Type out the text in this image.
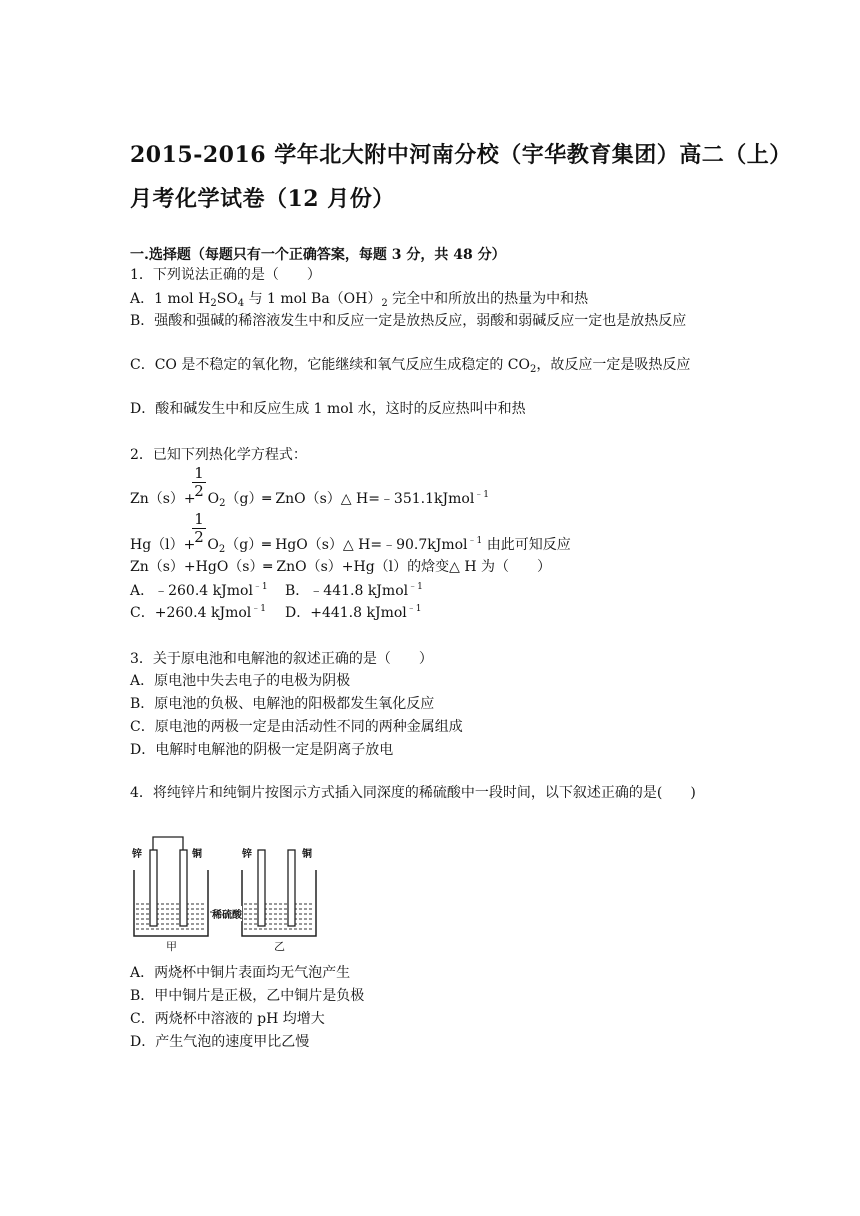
2015-2016 学年北大附中河南分校（宇华教育集团）高二（上）
月考化学试卷（12 月份）
一.选择题（每题只有一个正确答案，每题 3 分，共 48 分）
1．下列说法正确的是（　　）
A．1 mol $H_2SO_4$ 与 1 mol $Ba(OH)_2$ 完全中和所放出的热量为中和热
B．强酸和强碱的稀溶液发生中和反应一定是放热反应，弱酸和弱碱反应一定也是放热反应
C．CO 是不稳定的氧化物，它能继续和氧气反应生成稳定的 $CO_2$，故反应一定是吸热反应
D．酸和碱发生中和反应生成 1 mol 水，这时的反应热叫中和热
2．已知下列热化学方程式：
1
2
$Zn(s)+ O_2(g)═$ ZnO（s）△ H=﹣351.1kJmol$^{﹣1}$
1
2
$Hg(l)+ O_2(g)═$ HgO（s）△ H=﹣90.7kJmol$^{﹣1}$ 由此可知反应
Zn（s）+HgO（s）═ ZnO（s）+Hg（l）的焓变△ H 为（　　）
A．﹣260.4 kJmol$^{﹣1}$ B．﹣441.8 kJmol$^{﹣1}$
C．+260.4 kJmol$^{﹣1}$ D．+441.8 kJmol$^{﹣1}$
3．关于原电池和电解池的叙述正确的是（　　）
A．原电池中失去电子的电极为阴极
B．原电池的负极、电解池的阳极都发生氧化反应
C．原电池的两极一定是由活动性不同的两种金属组成
D．电解时电解池的阴极一定是阴离子放电
4．将纯锌片和纯铜片按图示方式插入同深度的稀硫酸中一段时间，以下叙述正确的是(　　)
锌	铜	锌	铜
稀硫酸
甲	乙
A．两烧杯中铜片表面均无气泡产生
B．甲中铜片是正极，乙中铜片是负极
C．两烧杯中溶液的 pH 均增大
D．产生气泡的速度甲比乙慢
